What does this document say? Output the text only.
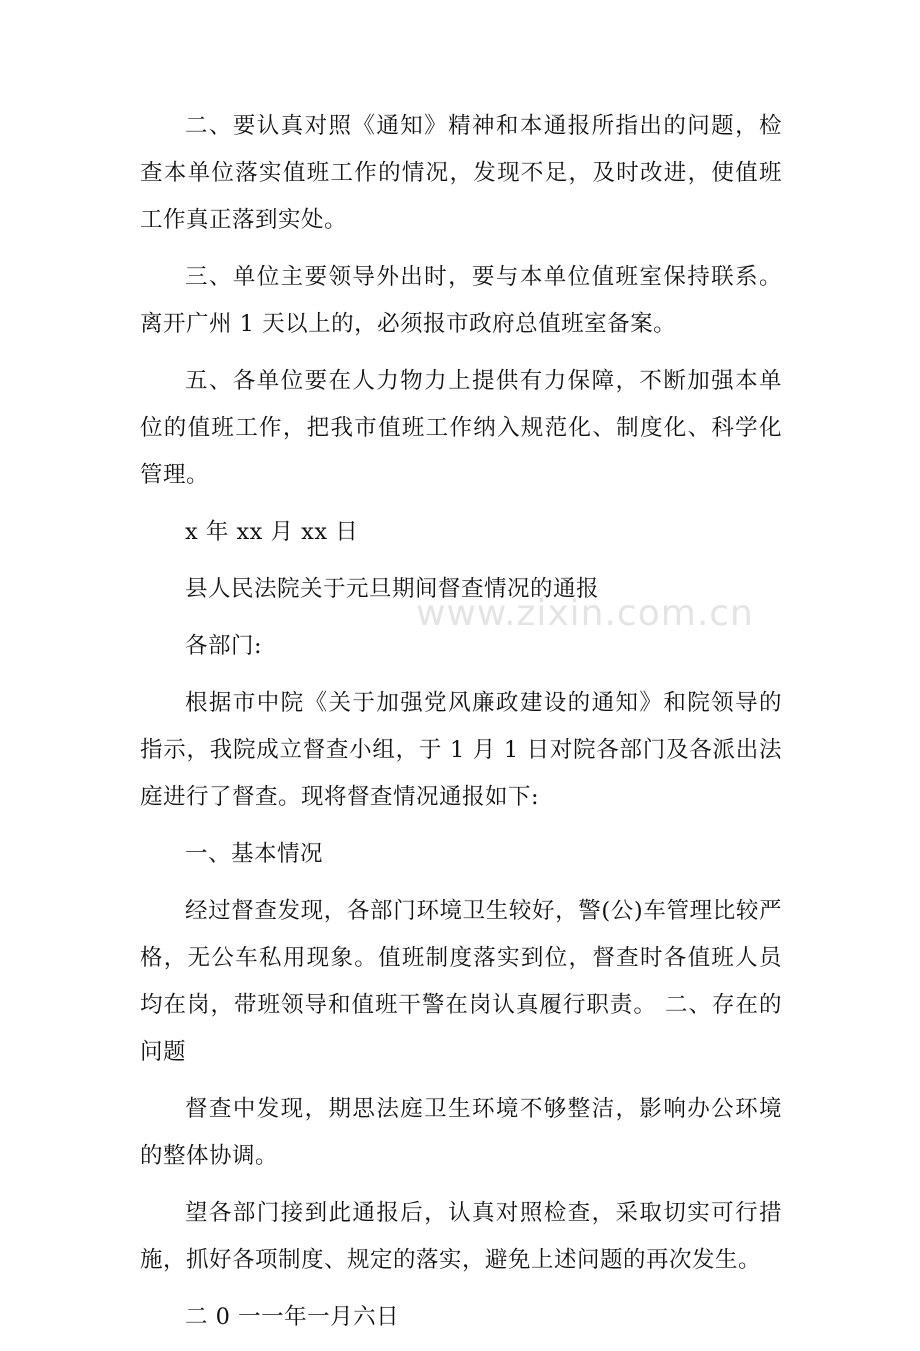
www.zixin.com.cn

二、要认真对照《通知》精神和本通报所指出的问题，检查本单位落实值班工作的情况，发现不足，及时改进，使值班工作真正落到实处。

三、单位主要领导外出时，要与本单位值班室保持联系。离开广州 1 天以上的，必须报市政府总值班室备案。

五、各单位要在人力物力上提供有力保障，不断加强本单位的值班工作，把我市值班工作纳入规范化、制度化、科学化管理。

x 年 xx 月 xx 日

县人民法院关于元旦期间督查情况的通报

各部门:

根据市中院《关于加强党风廉政建设的通知》和院领导的指示，我院成立督查小组，于 1 月 1 日对院各部门及各派出法庭进行了督查。现将督查情况通报如下:

一、基本情况

经过督查发现，各部门环境卫生较好，警(公)车管理比较严格，无公车私用现象。值班制度落实到位，督查时各值班人员均在岗，带班领导和值班干警在岗认真履行职责。 二、存在的问题

督查中发现，期思法庭卫生环境不够整洁，影响办公环境的整体协调。

望各部门接到此通报后，认真对照检查，采取切实可行措施，抓好各项制度、规定的落实，避免上述问题的再次发生。

二 0 一一年一月六日
